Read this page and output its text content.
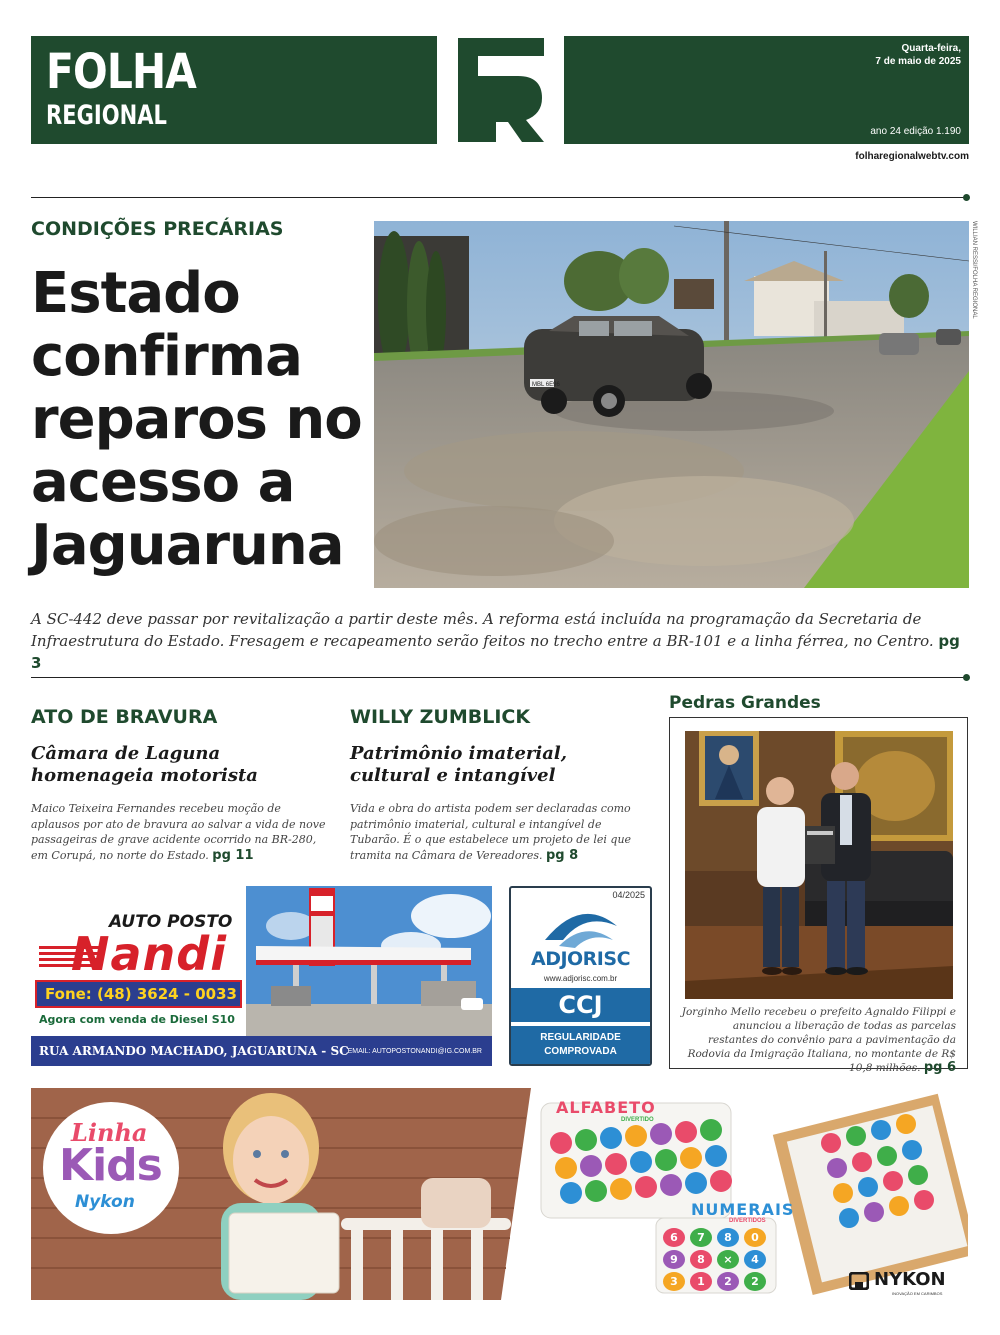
FOLHA
REGIONAL
Quarta-feira,
7 de maio de 2025
ano 24 edição 1.190
folharegionalwebtv.com
CONDIÇÕES PRECÁRIAS
Estado confirma reparos no acesso a Jaguaruna
MBL 6E96
WILLIAN RESSI/FOLHA REGIONAL

A SC-442 deve passar por revitalização a partir deste mês. A reforma está incluída na programação da Secretaria de Infraestrutura do Estado. Fresagem e recapeamento serão feitos no trecho entre a BR-101 e a linha férrea, no Centro. pg 3

ATO DE BRAVURA
Câmara de Laguna homenageia motorista

Maico Teixeira Fernandes recebeu moção de aplausos por ato de bravura ao salvar a vida de nove passageiras de grave acidente ocorrido na BR-280, em Corupá, no norte do Estado. pg 11

WILLY ZUMBLICK
Patrimônio imaterial, cultural e intangível

Vida e obra do artista podem ser declaradas como patrimônio imaterial, cultural e intangível de Tubarão. É o que estabelece um projeto de lei que tramita na Câmara de Vereadores. pg 8

Pedras Grandes

Jorginho Mello recebeu o prefeito Agnaldo Filippi e anunciou a liberação de todas as parcelas restantes do convênio para a pavimentação da Rodovia da Imigração Italiana, no montante de R$ 10,8 milhões. pg 6

AUTO POSTO
Nandi
Fone: (48) 3624 - 0033
Agora com venda de Diesel S10
RUA ARMANDO MACHADO, JAGUARUNA - SC
EMAIL: AUTOPOSTONANDI@IG.COM.BR
04/2025
ADJORISC
www.adjorisc.com.br
CCJ
REGULARIDADE
COMPROVADA
6	7	8	0
9	8	×	4
3	1	2	2
Linha
Kids
Nykon
ALFABETO
DIVERTIDO
NUMERAIS
DIVERTIDOS
NYKON
INOVAÇÃO EM CARIMBOS
